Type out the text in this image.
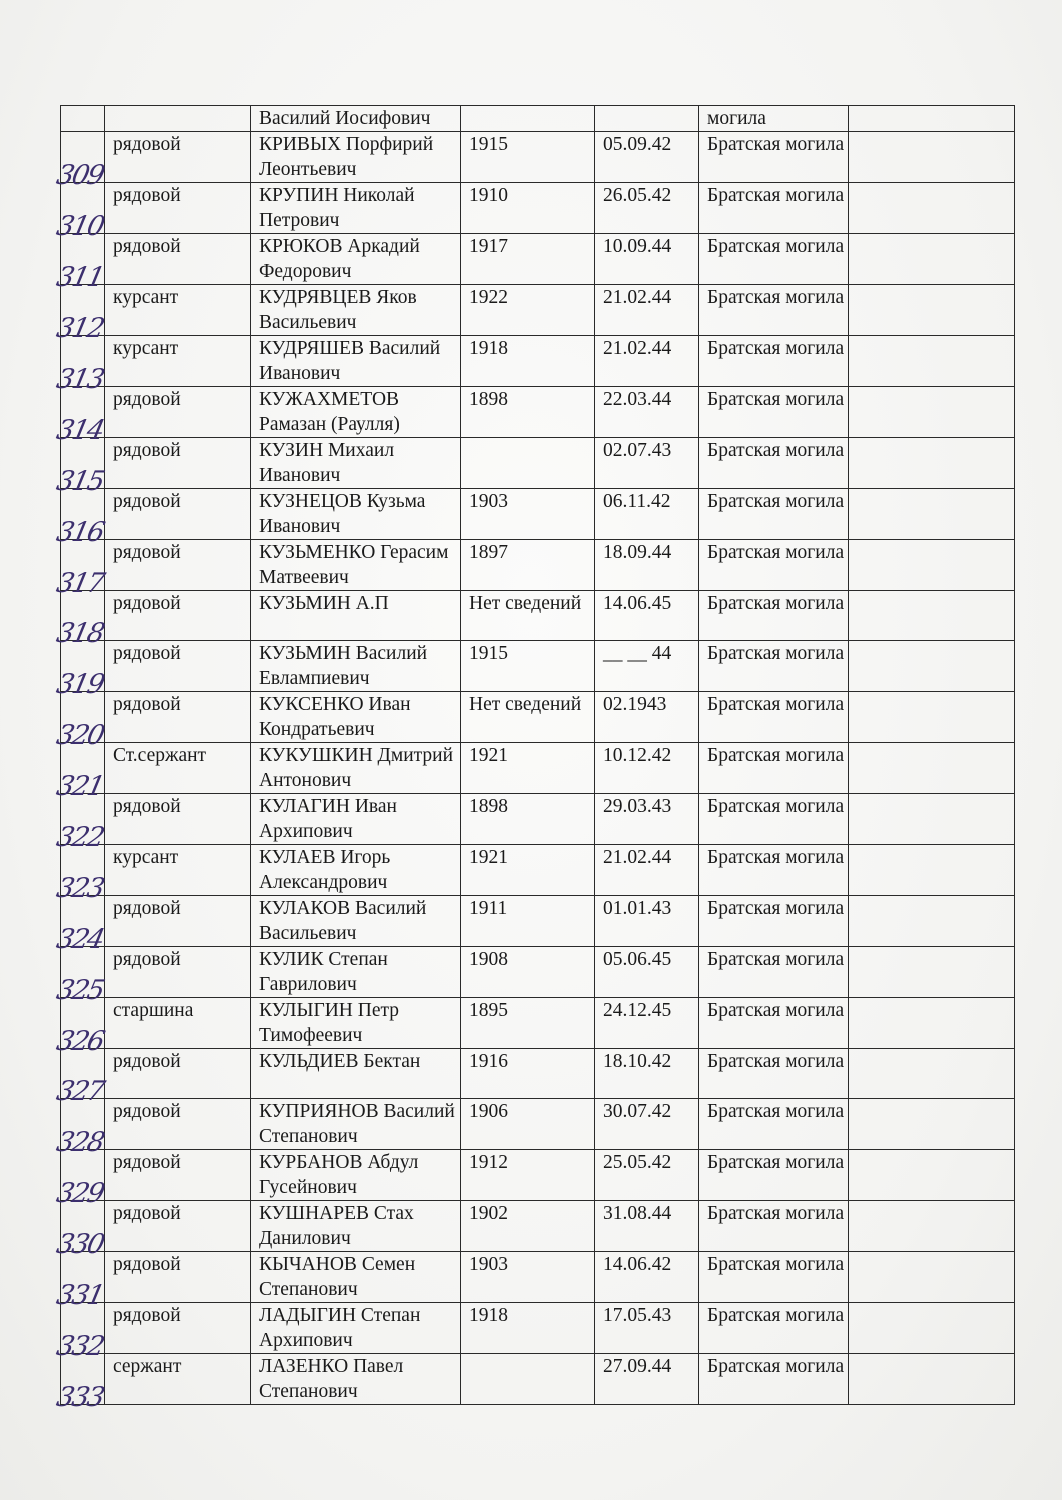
		Василий Иосифович			могила	

309	рядовой	КРИВЫХ Порфирий Леонтьевич	1915	05.09.42	Братская могила	

310	рядовой	КРУПИН Николай Петрович	1910	26.05.42	Братская могила	

311	рядовой	КРЮКОВ Аркадий Федорович	1917	10.09.44	Братская могила	

312	курсант	КУДРЯВЦЕВ Яков Васильевич	1922	21.02.44	Братская могила	

313	курсант	КУДРЯШЕВ Василий Иванович	1918	21.02.44	Братская могила	

314	рядовой	КУЖАХМЕТОВ Рамазан (Раулля)	1898	22.03.44	Братская могила	

315	рядовой	КУЗИН Михаил Иванович		02.07.43	Братская могила	

316	рядовой	КУЗНЕЦОВ Кузьма Иванович	1903	06.11.42	Братская могила	

317	рядовой	КУЗЬМЕНКО Герасим Матвеевич	1897	18.09.44	Братская могила	

318	рядовой	КУЗЬМИН А.П	Нет сведений	14.06.45	Братская могила	

319	рядовой	КУЗЬМИН Василий Евлампиевич	1915	__ __ 44	Братская могила	

320	рядовой	КУКСЕНКО Иван Кондратьевич	Нет сведений	02.1943	Братская могила	

321	Ст.сержант	КУКУШКИН Дмитрий Антонович	1921	10.12.42	Братская могила	

322	рядовой	КУЛАГИН Иван Архипович	1898	29.03.43	Братская могила	

323	курсант	КУЛАЕВ Игорь Александрович	1921	21.02.44	Братская могила	

324	рядовой	КУЛАКОВ Василий Васильевич	1911	01.01.43	Братская могила	

325	рядовой	КУЛИК Степан Гаврилович	1908	05.06.45	Братская могила	

326	старшина	КУЛЫГИН Петр Тимофеевич	1895	24.12.45	Братская могила	

327	рядовой	КУЛЬДИЕВ Бектан	1916	18.10.42	Братская могила	

328	рядовой	КУПРИЯНОВ Василий Степанович	1906	30.07.42	Братская могила	

329	рядовой	КУРБАНОВ Абдул Гусейнович	1912	25.05.42	Братская могила	

330	рядовой	КУШНАРЕВ Стах Данилович	1902	31.08.44	Братская могила	

331	рядовой	КЫЧАНОВ Семен Степанович	1903	14.06.42	Братская могила	

332	рядовой	ЛАДЫГИН Степан Архипович	1918	17.05.43	Братская могила	

333	сержант	ЛАЗЕНКО Павел Степанович		27.09.44	Братская могила	
